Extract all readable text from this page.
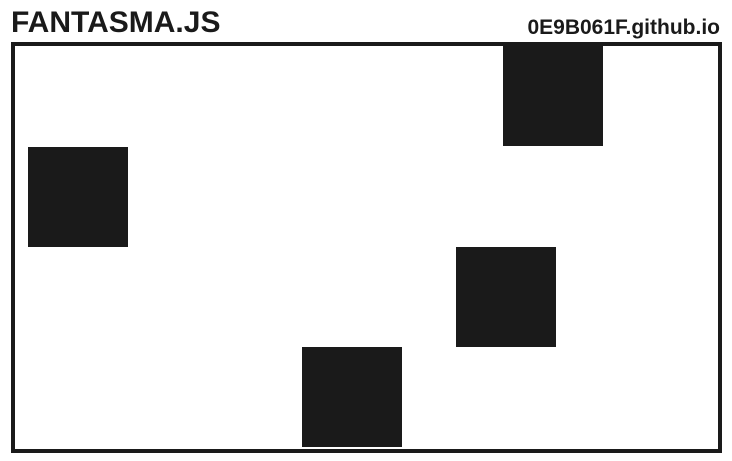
FANTASMA.JS	0E9B061F.github.io
